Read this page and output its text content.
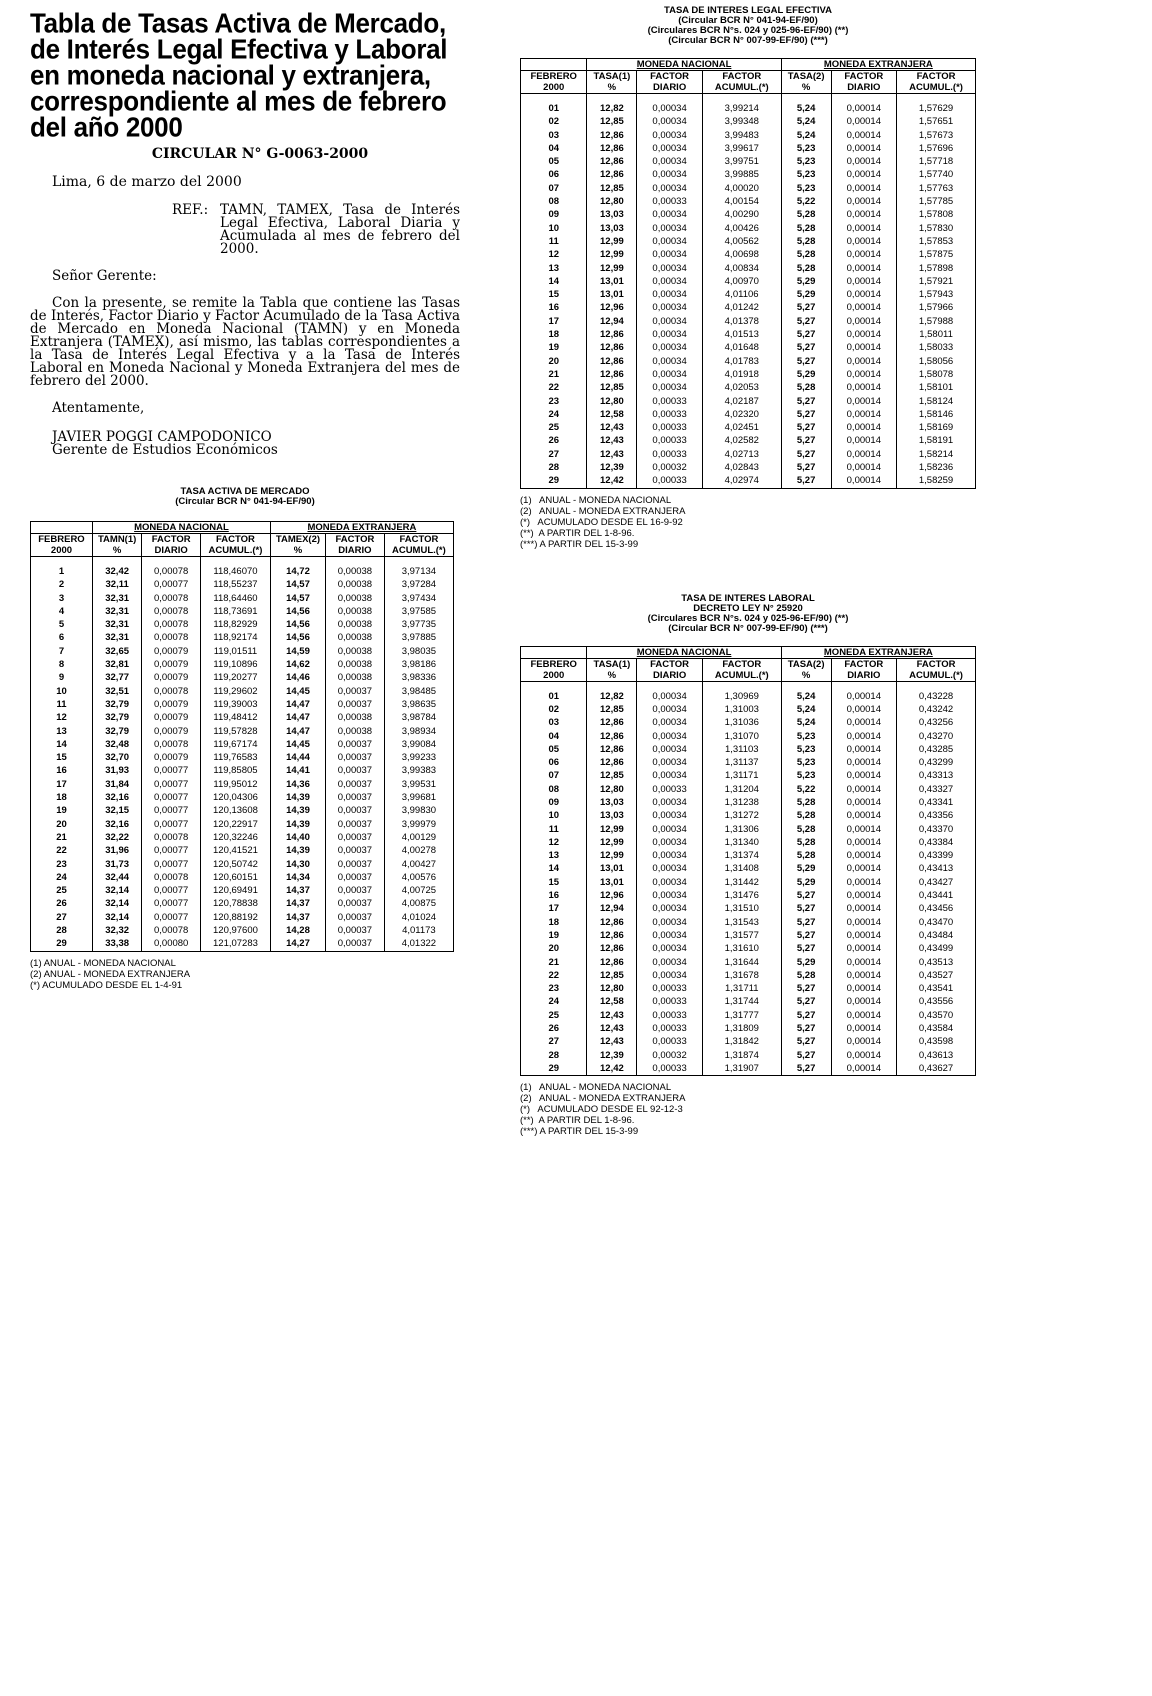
Tabla de Tasas Activa de Mercado, de Interés Legal Efectiva y Laboral en moneda nacional y extranjera, correspondiente al mes de febrero del año 2000
CIRCULAR N° G-0063-2000
Lima, 6 de marzo del 2000
REF.: TAMN, TAMEX, Tasa de Interés Legal Efectiva, Laboral Diaria y Acumulada al mes de febrero del 2000.
Señor Gerente:
Con la presente, se remite la Tabla que contiene las Tasas de Interés, Factor Diario y Factor Acumulado de la Tasa Activa de Mercado en Moneda Nacional (TAMN) y en Moneda Extranjera (TAMEX), así mismo, las tablas correspondientes a la Tasa de Interés Legal Efectiva y a la Tasa de Interés Laboral en Moneda Nacional y Moneda Extranjera del mes de febrero del 2000.
Atentamente,
JAVIER POGGI CAMPODONICO
Gerente de Estudios Económicos
TASA ACTIVA DE MERCADO
(Circular BCR N° 041-94-EF/90)
	MONEDA NACIONAL			MONEDA EXTRANJERA		
FEBRERO 2000	TAMN(1) %	FACTOR DIARIO	FACTOR ACUMUL.(*)	TAMEX(2) %	FACTOR DIARIO	FACTOR ACUMUL.(*)

1	32,42	0,00078	118,46070	14,72	0,00038	3,97134
2	32,11	0,00077	118,55237	14,57	0,00038	3,97284
3	32,31	0,00078	118,64460	14,57	0,00038	3,97434
4	32,31	0,00078	118,73691	14,56	0,00038	3,97585
5	32,31	0,00078	118,82929	14,56	0,00038	3,97735
6	32,31	0,00078	118,92174	14,56	0,00038	3,97885
7	32,65	0,00079	119,01511	14,59	0,00038	3,98035
8	32,81	0,00079	119,10896	14,62	0,00038	3,98186
9	32,77	0,00079	119,20277	14,46	0,00038	3,98336
10	32,51	0,00078	119,29602	14,45	0,00037	3,98485
11	32,79	0,00079	119,39003	14,47	0,00037	3,98635
12	32,79	0,00079	119,48412	14,47	0,00038	3,98784
13	32,79	0,00079	119,57828	14,47	0,00038	3,98934
14	32,48	0,00078	119,67174	14,45	0,00037	3,99084
15	32,70	0,00079	119,76583	14,44	0,00037	3,99233
16	31,93	0,00077	119,85805	14,41	0,00037	3,99383
17	31,84	0,00077	119,95012	14,36	0,00037	3,99531
18	32,16	0,00077	120,04306	14,39	0,00037	3,99681
19	32,15	0,00077	120,13608	14,39	0,00037	3,99830
20	32,16	0,00077	120,22917	14,39	0,00037	3,99979
21	32,22	0,00078	120,32246	14,40	0,00037	4,00129
22	31,96	0,00077	120,41521	14,39	0,00037	4,00278
23	31,73	0,00077	120,50742	14,30	0,00037	4,00427
24	32,44	0,00078	120,60151	14,34	0,00037	4,00576
25	32,14	0,00077	120,69491	14,37	0,00037	4,00725
26	32,14	0,00077	120,78838	14,37	0,00037	4,00875
27	32,14	0,00077	120,88192	14,37	0,00037	4,01024
28	32,32	0,00078	120,97600	14,28	0,00037	4,01173
29	33,38	0,00080	121,07283	14,27	0,00037	4,01322
(1) ANUAL - MONEDA NACIONAL
(2) ANUAL - MONEDA EXTRANJERA
(*) ACUMULADO DESDE EL 1-4-91
TASA DE INTERES LEGAL EFECTIVA
(Circular BCR N° 041-94-EF/90)
(Circulares BCR N°s. 024 y 025-96-EF/90) (**)
(Circular BCR N° 007-99-EF/90) (***)
	MONEDA NACIONAL			MONEDA EXTRANJERA		
FEBRERO 2000	TASA(1) %	FACTOR DIARIO	FACTOR ACUMUL.(*)	TASA(2) %	FACTOR DIARIO	FACTOR ACUMUL.(*)

01	12,82	0,00034	3,99214	5,24	0,00014	1,57629
02	12,85	0,00034	3,99348	5,24	0,00014	1,57651
03	12,86	0,00034	3,99483	5,24	0,00014	1,57673
04	12,86	0,00034	3,99617	5,23	0,00014	1,57696
05	12,86	0,00034	3,99751	5,23	0,00014	1,57718
06	12,86	0,00034	3,99885	5,23	0,00014	1,57740
07	12,85	0,00034	4,00020	5,23	0,00014	1,57763
08	12,80	0,00033	4,00154	5,22	0,00014	1,57785
09	13,03	0,00034	4,00290	5,28	0,00014	1,57808
10	13,03	0,00034	4,00426	5,28	0,00014	1,57830
11	12,99	0,00034	4,00562	5,28	0,00014	1,57853
12	12,99	0,00034	4,00698	5,28	0,00014	1,57875
13	12,99	0,00034	4,00834	5,28	0,00014	1,57898
14	13,01	0,00034	4,00970	5,29	0,00014	1,57921
15	13,01	0,00034	4,01106	5,29	0,00014	1,57943
16	12,96	0,00034	4,01242	5,27	0,00014	1,57966
17	12,94	0,00034	4,01378	5,27	0,00014	1,57988
18	12,86	0,00034	4,01513	5,27	0,00014	1,58011
19	12,86	0,00034	4,01648	5,27	0,00014	1,58033
20	12,86	0,00034	4,01783	5,27	0,00014	1,58056
21	12,86	0,00034	4,01918	5,29	0,00014	1,58078
22	12,85	0,00034	4,02053	5,28	0,00014	1,58101
23	12,80	0,00033	4,02187	5,27	0,00014	1,58124
24	12,58	0,00033	4,02320	5,27	0,00014	1,58146
25	12,43	0,00033	4,02451	5,27	0,00014	1,58169
26	12,43	0,00033	4,02582	5,27	0,00014	1,58191
27	12,43	0,00033	4,02713	5,27	0,00014	1,58214
28	12,39	0,00032	4,02843	5,27	0,00014	1,58236
29	12,42	0,00033	4,02974	5,27	0,00014	1,58259
(1)   ANUAL - MONEDA NACIONAL
(2)   ANUAL - MONEDA EXTRANJERA
(*)   ACUMULADO DESDE EL 16-9-92
(**)  A PARTIR DEL 1-8-96.
(***) A PARTIR DEL 15-3-99
TASA DE INTERES LABORAL
DECRETO LEY N° 25920
(Circulares BCR N°s. 024 y 025-96-EF/90) (**)
(Circular BCR N° 007-99-EF/90) (***)
	MONEDA NACIONAL			MONEDA EXTRANJERA		
FEBRERO 2000	TASA(1) %	FACTOR DIARIO	FACTOR ACUMUL.(*)	TASA(2) %	FACTOR DIARIO	FACTOR ACUMUL.(*)

01	12,82	0,00034	1,30969	5,24	0,00014	0,43228
02	12,85	0,00034	1,31003	5,24	0,00014	0,43242
03	12,86	0,00034	1,31036	5,24	0,00014	0,43256
04	12,86	0,00034	1,31070	5,23	0,00014	0,43270
05	12,86	0,00034	1,31103	5,23	0,00014	0,43285
06	12,86	0,00034	1,31137	5,23	0,00014	0,43299
07	12,85	0,00034	1,31171	5,23	0,00014	0,43313
08	12,80	0,00033	1,31204	5,22	0,00014	0,43327
09	13,03	0,00034	1,31238	5,28	0,00014	0,43341
10	13,03	0,00034	1,31272	5,28	0,00014	0,43356
11	12,99	0,00034	1,31306	5,28	0,00014	0,43370
12	12,99	0,00034	1,31340	5,28	0,00014	0,43384
13	12,99	0,00034	1,31374	5,28	0,00014	0,43399
14	13,01	0,00034	1,31408	5,29	0,00014	0,43413
15	13,01	0,00034	1,31442	5,29	0,00014	0,43427
16	12,96	0,00034	1,31476	5,27	0,00014	0,43441
17	12,94	0,00034	1,31510	5,27	0,00014	0,43456
18	12,86	0,00034	1,31543	5,27	0,00014	0,43470
19	12,86	0,00034	1,31577	5,27	0,00014	0,43484
20	12,86	0,00034	1,31610	5,27	0,00014	0,43499
21	12,86	0,00034	1,31644	5,29	0,00014	0,43513
22	12,85	0,00034	1,31678	5,28	0,00014	0,43527
23	12,80	0,00033	1,31711	5,27	0,00014	0,43541
24	12,58	0,00033	1,31744	5,27	0,00014	0,43556
25	12,43	0,00033	1,31777	5,27	0,00014	0,43570
26	12,43	0,00033	1,31809	5,27	0,00014	0,43584
27	12,43	0,00033	1,31842	5,27	0,00014	0,43598
28	12,39	0,00032	1,31874	5,27	0,00014	0,43613
29	12,42	0,00033	1,31907	5,27	0,00014	0,43627
(1)   ANUAL - MONEDA NACIONAL
(2)   ANUAL - MONEDA EXTRANJERA
(*)   ACUMULADO DESDE EL 92-12-3
(**)  A PARTIR DEL 1-8-96.
(***) A PARTIR DEL 15-3-99
